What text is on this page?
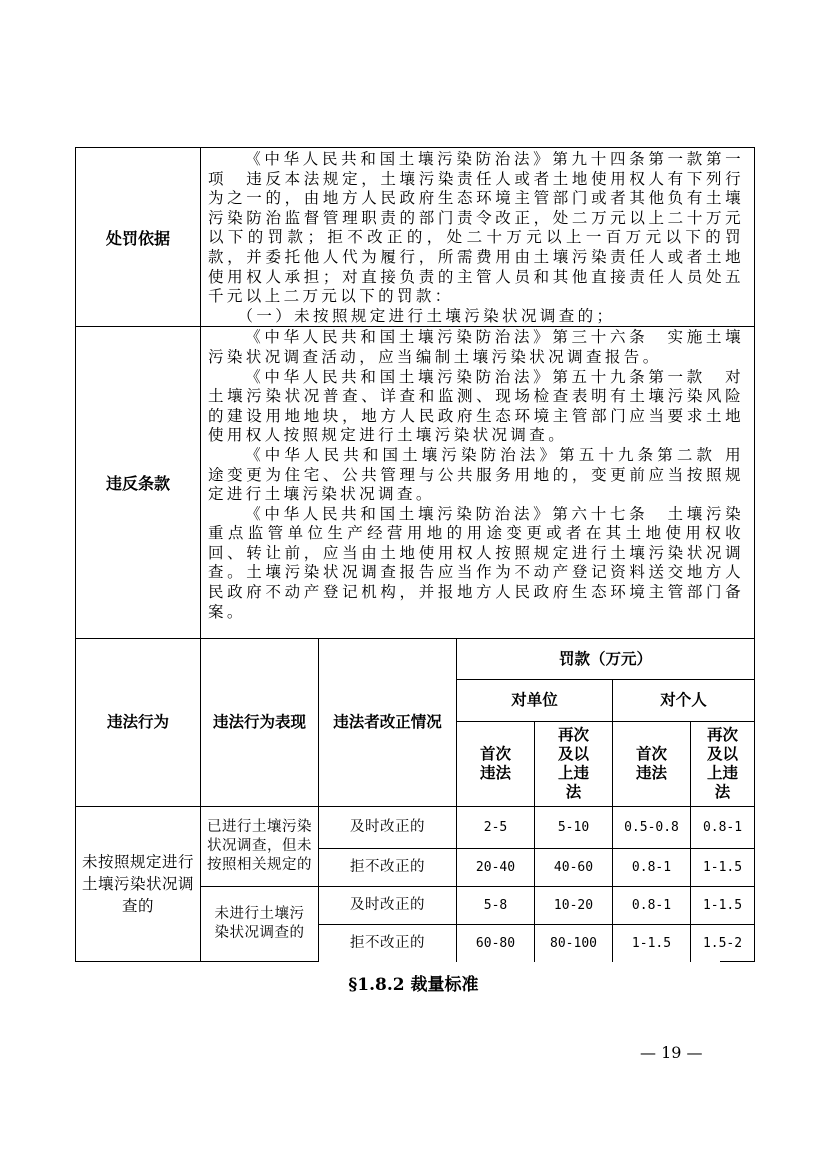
处罚依据	《中华人民共和国土壤污染防治法》第九十四条第一款第一项　违反本法规定，土壤污染责任人或者土地使用权人有下列行为之一的，由地方人民政府生态环境主管部门或者其他负有土壤污染防治监督管理职责的部门责令改正，处二万元以上二十万元以下的罚款；拒不改正的，处二十万元以上一百万元以下的罚款，并委托他人代为履行，所需费用由土壤污染责任人或者土地使用权人承担；对直接负责的主管人员和其他直接责任人员处五千元以上二万元以下的罚款：

（一）未按照规定进行土壤污染状况调查的；					

违反条款	《中华人民共和国土壤污染防治法》第三十六条　实施土壤污染状况调查活动，应当编制土壤污染状况调查报告。

《中华人民共和国土壤污染防治法》第五十九条第一款　对土壤污染状况普查、详查和监测、现场检查表明有土壤污染风险的建设用地地块，地方人民政府生态环境主管部门应当要求土地使用权人按照规定进行土壤污染状况调查。

《中华人民共和国土壤污染防治法》第五十九条第二款 用途变更为住宅、公共管理与公共服务用地的，变更前应当按照规定进行土壤污染状况调查。

《中华人民共和国土壤污染防治法》第六十七条　土壤污染重点监管单位生产经营用地的用途变更或者在其土地使用权收回、转让前，应当由土地使用权人按照规定进行土壤污染状况调查。土壤污染状况调查报告应当作为不动产登记资料送交地方人民政府不动产登记机构，并报地方人民政府生态环境主管部门备案。					

违法行为	违法行为表现	违法者改正情况	罚款（万元）			
			对单位		对个人	
			首次违法	再次及以上违法	首次违法	再次及以上违法
未按照规定进行土壤污染状况调查的	已进行土壤污染状况调查，但未按照相关规定的	及时改正的	2-5	5-10	0.5-0.8	0.8-1
		拒不改正的	20-40	40-60	0.8-1	1-1.5
	未进行土壤污染状况调查的	及时改正的	5-8	10-20	0.8-1	1-1.5
		拒不改正的	60-80	80-100	1-1.5	1.5-2
§1.8.2 裁量标准
— 19 —
